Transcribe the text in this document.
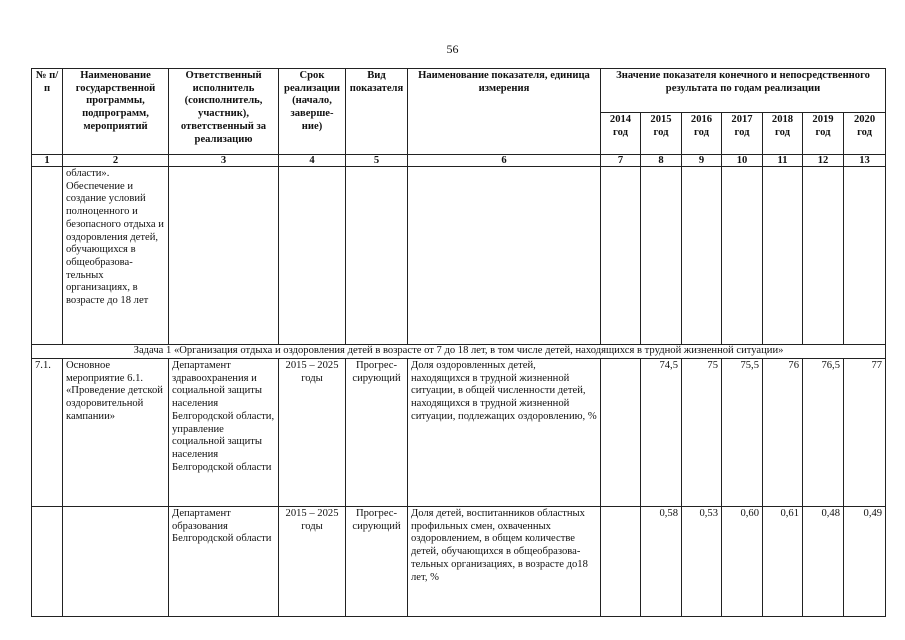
56
№ п/п	Наименование государственной программы, подпрограмм, мероприятий	Ответственный исполнитель (соисполнитель, участник), ответственный за реализацию	Срок реализации (начало, заверше-ние)	Вид показателя	Наименование показателя, единица измерения	Значение показателя конечного и непосредственного результата по годам реализации						
						2014 год	2015 год	2016 год	2017 год	2018 год	2019 год	2020 год
1	2	3	4	5	6	7	8	9	10	11	12	13
	области». Обеспечение и создание условий полноценного и безопасного отдыха и оздоровления детей, обучающихся в общеобразова-тельных организациях, в возрасте до 18 лет											
Задача 1 «Организация отдыха и оздоровления детей в возрасте от 7 до 18 лет, в том числе детей, находящихся в трудной жизненной ситуации»												
7.1.	Основное мероприятие 6.1. «Проведение детской оздоровительной кампании»	Департамент здравоохранения и социальной защиты населения Белгородской области, управление социальной защиты населения Белгородской области	2015 – 2025 годы	Прогрес-сирующий	Доля оздоровленных детей, находящихся в трудной жизненной ситуации, в общей численности детей, находящихся в трудной жизненной ситуации, подлежащих оздоровлению, %		74,5	75	75,5	76	76,5	77
		Департамент образования Белгородской области	2015 – 2025 годы	Прогрес-сирующий	Доля детей, воспитанников областных профильных смен, охваченных оздоровлением, в общем количестве детей, обучающихся в общеобразова-тельных организациях, в возрасте до18 лет, %		0,58	0,53	0,60	0,61	0,48	0,49
